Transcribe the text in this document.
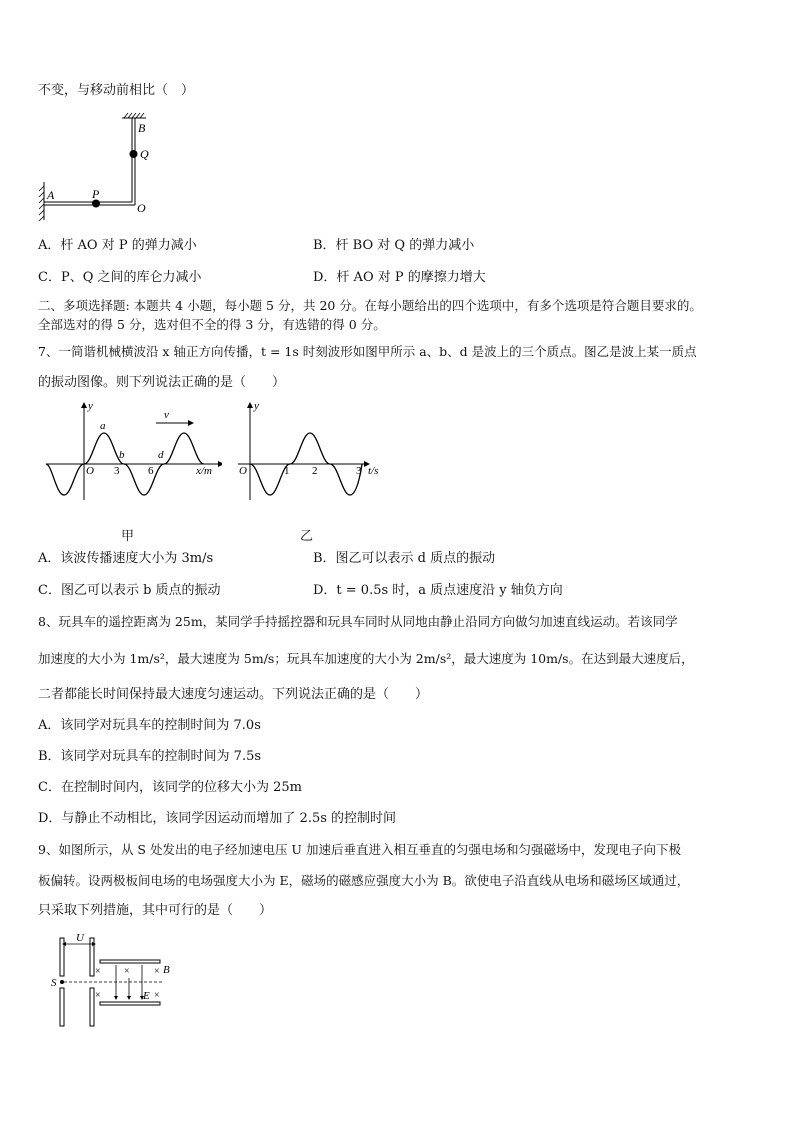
不变，与移动前相比（　）
B
Q
A	P
O
A．杆 AO 对 P 的弹力减小	B．杆 BO 对 Q 的弹力减小
C．P、Q 之间的库仑力减小	D．杆 AO 对 P 的摩擦力增大
二、多项选择题: 本题共 4 小题，每小题 5 分，共 20 分。在每小题给出的四个选项中，有多个选项是符合题目要求的。
全部选对的得 5 分，选对但不全的得 3 分，有选错的得 0 分。
7、一简谐机械横波沿 x 轴正方向传播，t = 1s 时刻波形如图甲所示 a、b、d 是波上的三个质点。图乙是波上某一质点
的振动图像。则下列说法正确的是（　　）
v
y
a
b	d
O 3	6	x/m
甲
y
O	1 2	3 t/s
乙
A．该波传播速度大小为 3m/s	B．图乙可以表示 d 质点的振动
C．图乙可以表示 b 质点的振动	D．t = 0.5s 时，a 质点速度沿 y 轴负方向
8、玩具车的遥控距离为 25m，某同学手持摇控器和玩具车同时从同地由静止沿同方向做匀加速直线运动。若该同学
加速度的大小为 1m/s²，最大速度为 5m/s；玩具车加速度的大小为 2m/s²，最大速度为 10m/s。在达到最大速度后，
二者都能长时间保持最大速度匀速运动。下列说法正确的是（　　）
A．该同学对玩具车的控制时间为 7.0s
B．该同学对玩具车的控制时间为 7.5s
C．在控制时间内，该同学的位移大小为 25m
D．与静止不动相比，该同学因运动而增加了 2.5s 的控制时间
9、如图所示，从 S 处发出的电子经加速电压 U 加速后垂直进入相互垂直的匀强电场和匀强磁场中，发现电子向下极
板偏转。设两极板间电场的电场强度大小为 E，磁场的磁感应强度大小为 B。欲使电子沿直线从电场和磁场区域通过，
只采取下列措施，其中可行的是（　　）
U
S
× × ×
×	×
E
B
